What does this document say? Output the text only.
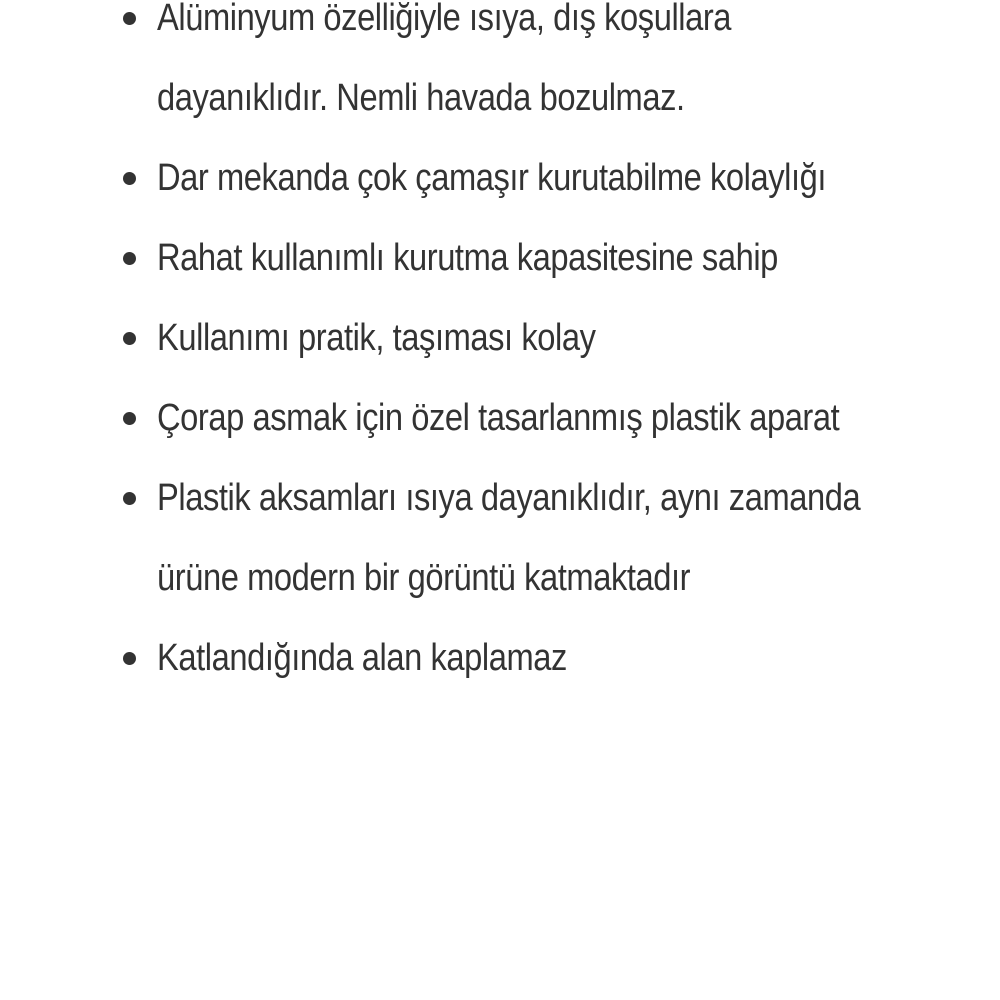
Alüminyum özelliğiyle ısıya, dış koşullara dayanıklıdır. Nemli havada bozulmaz.
Dar mekanda çok çamaşır kurutabilme kolaylığı
Rahat kullanımlı kurutma kapasitesine sahip
Kullanımı pratik, taşıması kolay
Çorap asmak için özel tasarlanmış plastik aparat
Plastik aksamları ısıya dayanıklıdır, aynı zamanda ürüne modern bir görüntü katmaktadır
Katlandığında alan kaplamaz
